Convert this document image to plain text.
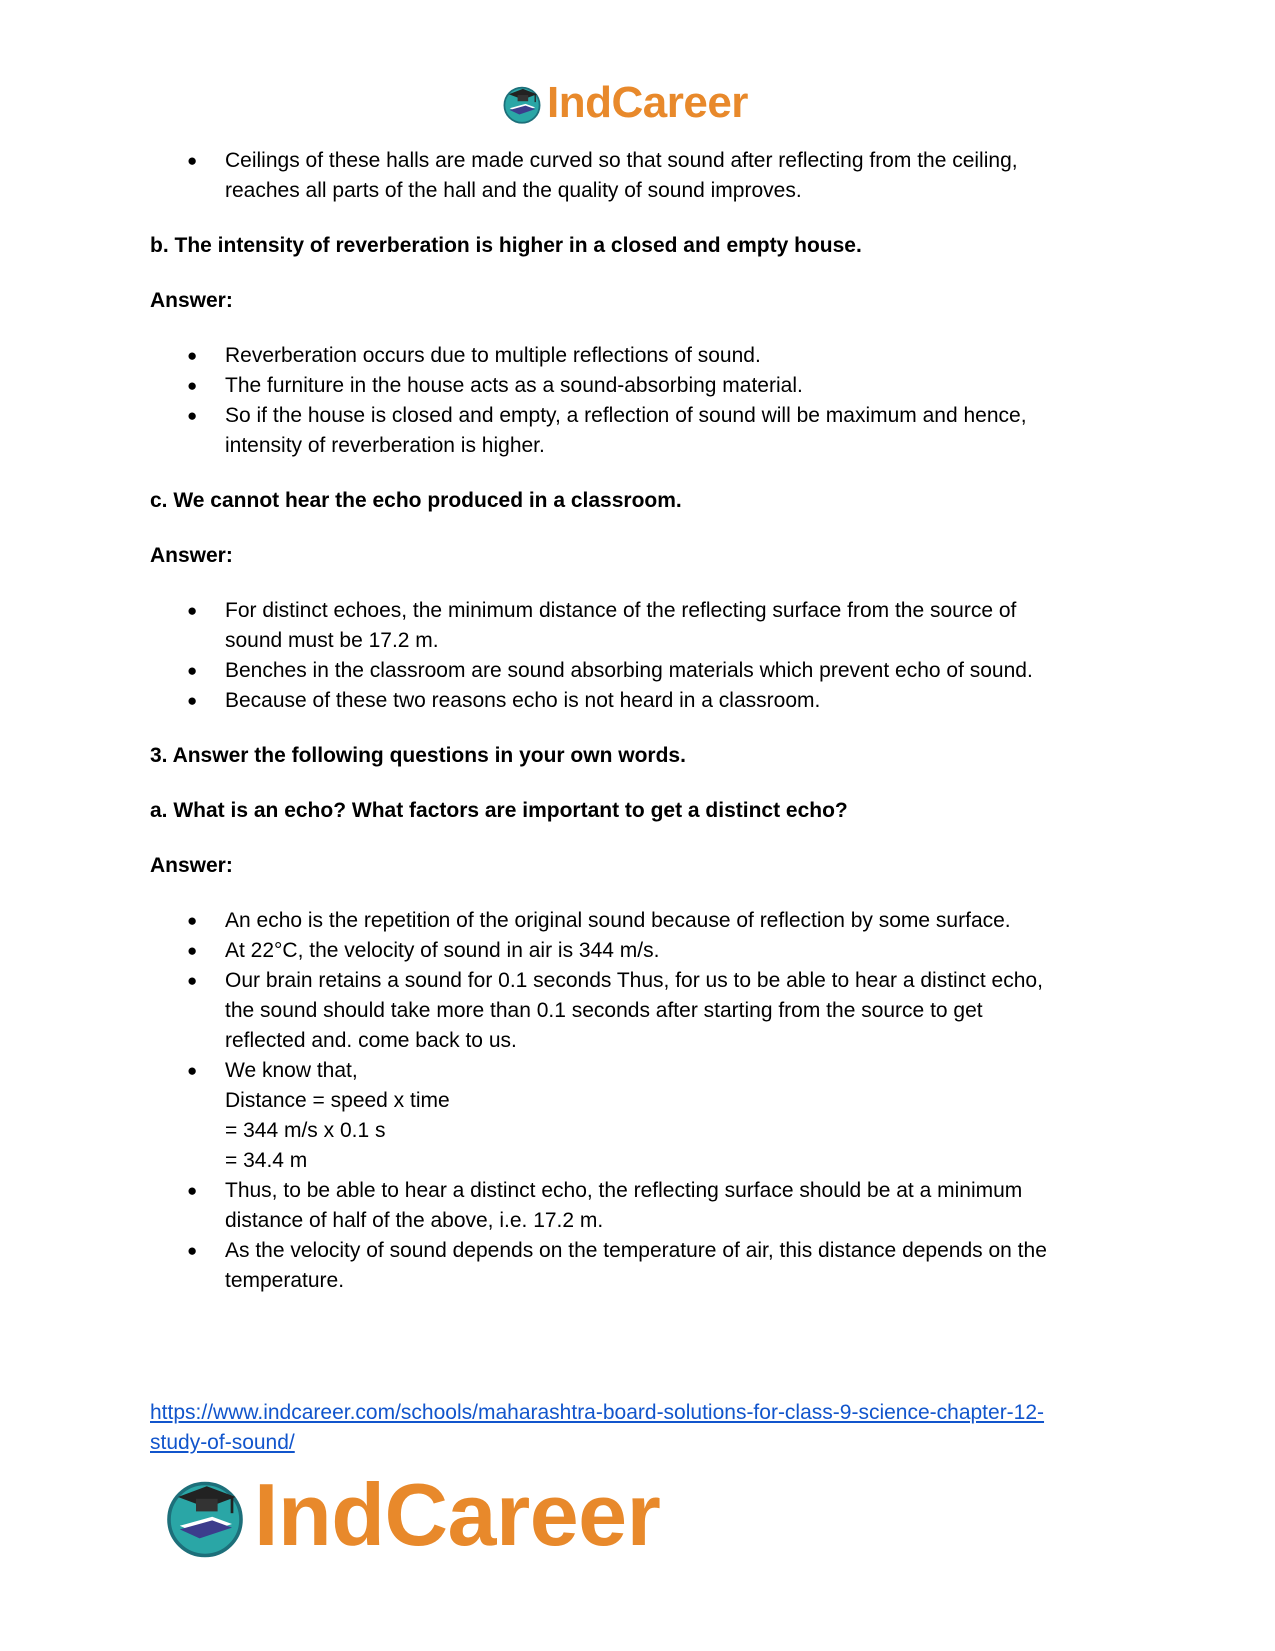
IndCareer
● Ceilings of these halls are made curved so that sound after reflecting from the ceiling,
reaches all parts of the hall and the quality of sound improves.

b. The intensity of reverberation is higher in a closed and empty house.

Answer:

● Reverberation occurs due to multiple reflections of sound.
● The furniture in the house acts as a sound-absorbing material.
● So if the house is closed and empty, a reflection of sound will be maximum and hence,
intensity of reverberation is higher.

c. We cannot hear the echo produced in a classroom.

Answer:

● For distinct echoes, the minimum distance of the reflecting surface from the source of
sound must be 17.2 m.
● Benches in the classroom are sound absorbing materials which prevent echo of sound.
● Because of these two reasons echo is not heard in a classroom.

3. Answer the following questions in your own words.

a. What is an echo? What factors are important to get a distinct echo?

Answer:

● An echo is the repetition of the original sound because of reflection by some surface.
● At 22°C, the velocity of sound in air is 344 m/s.
● Our brain retains a sound for 0.1 seconds Thus, for us to be able to hear a distinct echo,
the sound should take more than 0.1 seconds after starting from the source to get
reflected and. come back to us.
● We know that,
Distance = speed x time
= 344 m/s x 0.1 s
= 34.4 m
● Thus, to be able to hear a distinct echo, the reflecting surface should be at a minimum
distance of half of the above, i.e. 17.2 m.
● As the velocity of sound depends on the temperature of air, this distance depends on the
temperature.
https://www.indcareer.com/schools/maharashtra-board-solutions-for-class-9-science-chapter-12-
study-of-sound/
IndCareer
